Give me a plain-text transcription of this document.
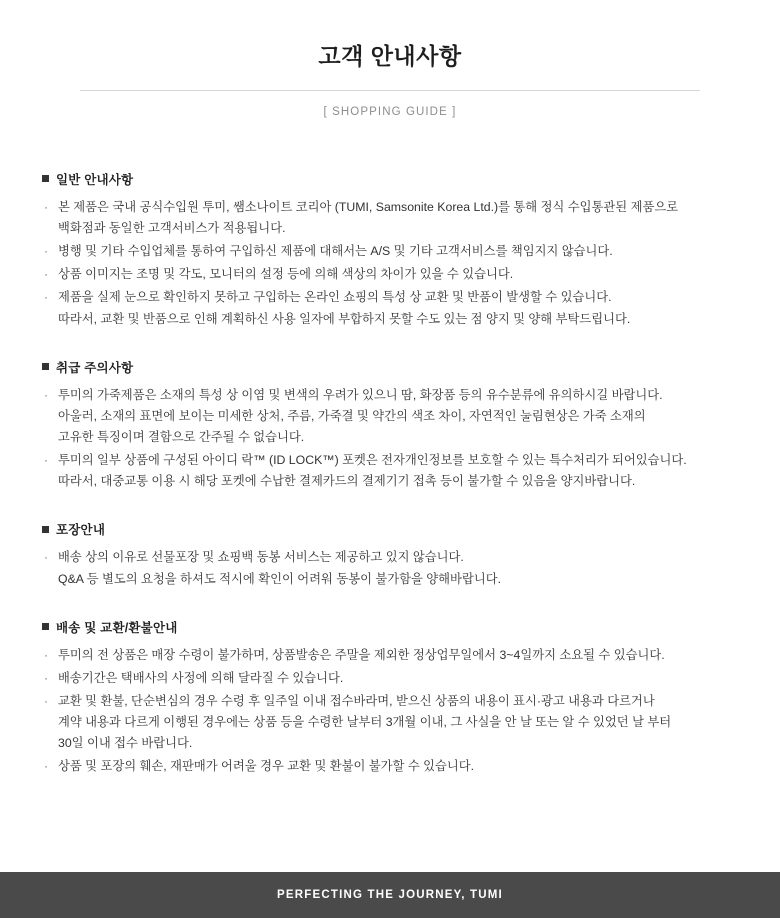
고객 안내사항
[ SHOPPING GUIDE ]
일반 안내사항
· 본 제품은 국내 공식수입원 투미, 쌤소나이트 코리아 (TUMI, Samsonite Korea Ltd.)를 통해 정식 수입통관된 제품으로
백화점과 동일한 고객서비스가 적용됩니다.
· 병행 및 기타 수입업체를 통하여 구입하신 제품에 대해서는 A/S 및 기타 고객서비스를 책임지지 않습니다.
· 상품 이미지는 조명 및 각도, 모니터의 설정 등에 의해 색상의 차이가 있을 수 있습니다.
· 제품을 실제 눈으로 확인하지 못하고 구입하는 온라인 쇼핑의 특성 상 교환 및 반품이 발생할 수 있습니다.
따라서, 교환 및 반품으로 인해 계획하신 사용 일자에 부합하지 못할 수도 있는 점 양지 및 양해 부탁드립니다.
취급 주의사항
· 투미의 가죽제품은 소재의 특성 상 이염 및 변색의 우려가 있으니 땀, 화장품 등의 유수분류에 유의하시길 바랍니다.
아울러, 소재의 표면에 보이는 미세한 상처, 주름, 가죽결 및 약간의 색조 차이, 자연적인 눌림현상은 가죽 소재의
고유한 특징이며 결함으로 간주될 수 없습니다.
· 투미의 일부 상품에 구성된 아이디 락™ (ID LOCK™) 포켓은 전자개인정보를 보호할 수 있는 특수처리가 되어있습니다.
따라서, 대중교통 이용 시 해당 포켓에 수납한 결제카드의 결제기기 접촉 등이 불가할 수 있음을 양지바랍니다.
포장안내
· 배송 상의 이유로 선물포장 및 쇼핑백 동봉 서비스는 제공하고 있지 않습니다.
Q&A 등 별도의 요청을 하셔도 적시에 확인이 어려워 동봉이 불가함을 양해바랍니다.
배송 및 교환/환불안내
· 투미의 전 상품은 매장 수령이 불가하며, 상품발송은 주말을 제외한 정상업무일에서 3~4일까지 소요될 수 있습니다.
· 배송기간은 택배사의 사정에 의해 달라질 수 있습니다.
· 교환 및 환불, 단순변심의 경우 수령 후 일주일 이내 접수바라며, 받으신 상품의 내용이 표시·광고 내용과 다르거나
계약 내용과 다르게 이행된 경우에는 상품 등을 수령한 날부터 3개월 이내, 그 사실을 안 날 또는 알 수 있었던 날 부터
30일 이내 접수 바랍니다.
· 상품 및 포장의 훼손, 재판매가 어려울 경우 교환 및 환불이 불가할 수 있습니다.
PERFECTING THE JOURNEY, TUMI
